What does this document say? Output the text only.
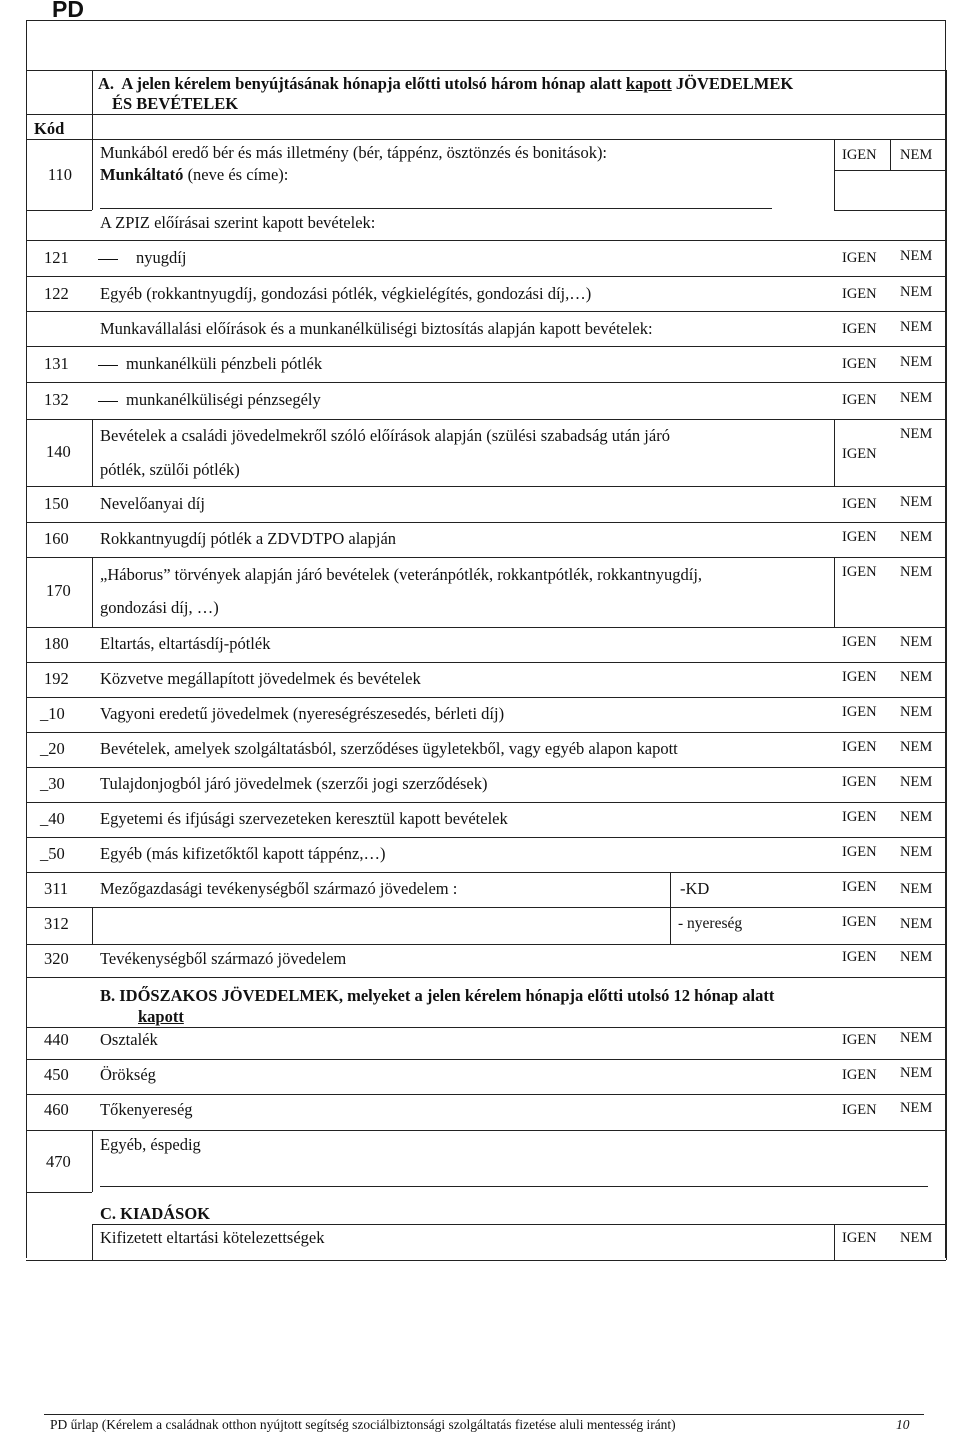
PD
A. A jelen kérelem benyújtásának hónapja előtti utolsó három hónap alatt kapott JÖVEDELMEK
ÉS BEVÉTELEK
Kód
110
Munkából eredő bér és más illetmény (bér, táppénz, ösztönzés és bonitások):
Munkáltató (neve és címe):
IGEN NEM
A ZPIZ előírásai szerint kapott bevételek:
121	nyugdíj	IGEN NEM
122 Egyéb (rokkantnyugdíj, gondozási pótlék, végkielégítés, gondozási díj,…)	IGEN NEM
Munkavállalási előírások és a munkanélküliségi biztosítás alapján kapott bevételek:	IGEN NEM
131	munkanélküli pénzbeli pótlék	IGEN NEM
132	munkanélküliségi pénzsegély	IGEN NEM
140
Bevételek a családi jövedelmekről szóló előírások alapján (szülési szabadság után járó
pótlék, szülői pótlék)
IGEN
NEM
150 Nevelőanyai díj	IGEN NEM
160 Rokkantnyugdíj pótlék a ZDVDTPO alapján	IGEN NEM
170
„Háborus” törvények alapján járó bevételek (veteránpótlék, rokkantpótlék, rokkantnyugdíj,
gondozási díj, …)
IGEN NEM
180 Eltartás, eltartásdíj-pótlék	IGEN NEM
192 Közvetve megállapított jövedelmek és bevételek	IGEN NEM
_10 Vagyoni eredetű jövedelmek (nyereségrészesedés, bérleti díj)	IGEN NEM
_20 Bevételek, amelyek szolgáltatásból, szerződéses ügyletekből, vagy egyéb alapon kapott	IGEN NEM
_30 Tulajdonjogból járó jövedelmek (szerzői jogi szerződések)	IGEN NEM
_40 Egyetemi és ifjúsági szervezeteken keresztül kapott bevételek	IGEN NEM
_50 Egyéb (más kifizetőktől kapott táppénz,…)	IGEN NEM
311 Mezőgazdasági tevékenységből származó jövedelem :	-KD	IGEN NEM
312	- nyereség	IGEN NEM
320 Tevékenységből származó jövedelem	IGEN NEM
B. IDŐSZAKOS JÖVEDELMEK, melyeket a jelen kérelem hónapja előtti utolsó 12 hónap alatt
kapott
440 Osztalék	IGEN NEM
450 Örökség	IGEN NEM
460 Tőkenyereség	IGEN NEM
470
Egyéb, éspedig
C. KIADÁSOK
Kifizetett eltartási kötelezettségek	IGEN NEM
PD űrlap (Kérelem a családnak otthon nyújtott segítség szociálbiztonsági szolgáltatás fizetése aluli mentesség iránt)	10
